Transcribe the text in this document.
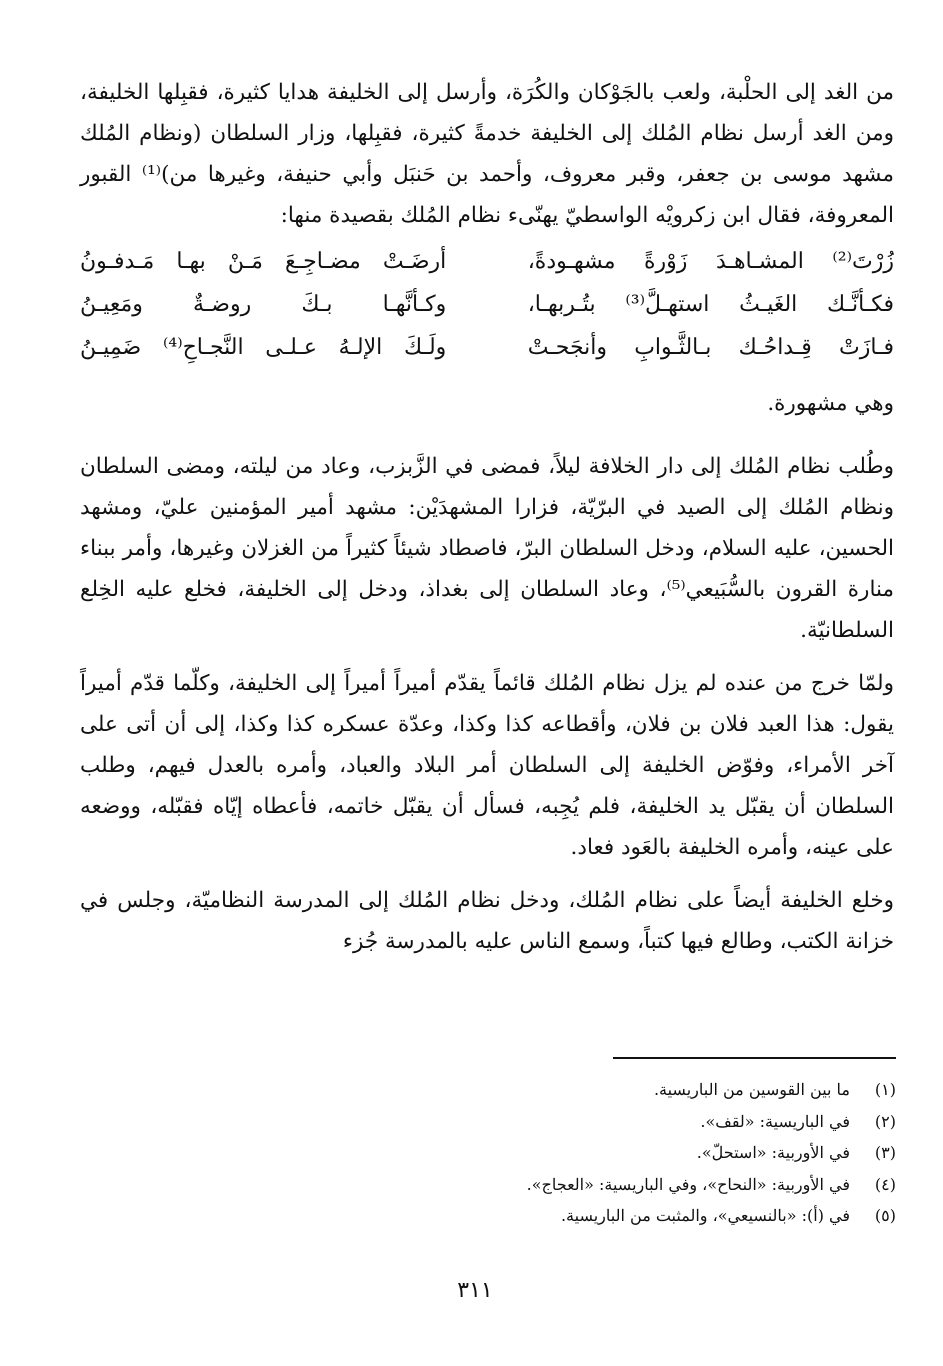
من الغد إلى الحلْبة، ولعب بالجَوْكان والكُرَة، وأرسل إلى الخليفة هدايا كثيرة، فقبِلها الخليفة، ومن الغد أرسل نظام المُلك إلى الخليفة خدمةً كثيرة، فقبِلها، وزار السلطان (ونظام المُلك مشهد موسى بن جعفر، وقبر معروف، وأحمد بن حَنبَل وأبي حنيفة، وغيرها من)⁽¹⁾ القبور المعروفة، فقال ابن زكرويْه الواسطيّ يهنّىء نظام المُلك بقصيدة منها:

زُرْتَ⁽²⁾ المشـاهـدَ زَوْرةً مشهـودةً،
أرضَـتْ مضـاجِـعَ مَـنْ بهـا مَـدفـونُ
فكـأنَّـك الغَيـثُ استهـلَّ⁽³⁾ بتُـربهـا،
وكـأنَّهـا بـكَ روضـةٌ ومَعِيـنُ
فـازَتْ قِـداحُـك بـالثَّـوابِ وأنجَحـتْ
ولَـكَ الإلـهُ عـلـى النَّجـاحِ⁽⁴⁾ ضَمِيـنُ

وهي مشهورة.

وطُلب نظام المُلك إلى دار الخلافة ليلاً، فمضى في الزَّبزب، وعاد من ليلته، ومضى السلطان ونظام المُلك إلى الصيد في البرّيّة، فزارا المشهدَيْن: مشهد أمير المؤمنين عليّ، ومشهد الحسين، عليه السلام، ودخل السلطان البرّ، فاصطاد شيئاً كثيراً من الغزلان وغيرها، وأمر ببناء منارة القرون بالسُّبَيعي⁽⁵⁾، وعاد السلطان إلى بغداذ، ودخل إلى الخليفة، فخلع عليه الخِلع السلطانيّة.

ولمّا خرج من عنده لم يزل نظام المُلك قائماً يقدّم أميراً أميراً إلى الخليفة، وكلّما قدّم أميراً يقول: هذا العبد فلان بن فلان، وأقطاعه كذا وكذا، وعدّة عسكره كذا وكذا، إلى أن أتى على آخر الأمراء، وفوّض الخليفة إلى السلطان أمر البلاد والعباد، وأمره بالعدل فيهم، وطلب السلطان أن يقبّل يد الخليفة، فلم يُجِبه، فسأل أن يقبّل خاتمه، فأعطاه إيّاه فقبّله، ووضعه على عينه، وأمره الخليفة بالعَود فعاد.

وخلع الخليفة أيضاً على نظام المُلك، ودخل نظام المُلك إلى المدرسة النظاميّة، وجلس في خزانة الكتب، وطالع فيها كتباً، وسمع الناس عليه بالمدرسة جُزء

(١)
ما بين القوسين من الباريسية.
(٢)
في الباريسية: «لقف».
(٣)
في الأوربية: «استحلّ».
(٤)
في الأوربية: «النحاح»، وفي الباريسية: «العجاج».
(٥)
في (أ): «بالنسيعي»، والمثبت من الباريسية.
٣١١
